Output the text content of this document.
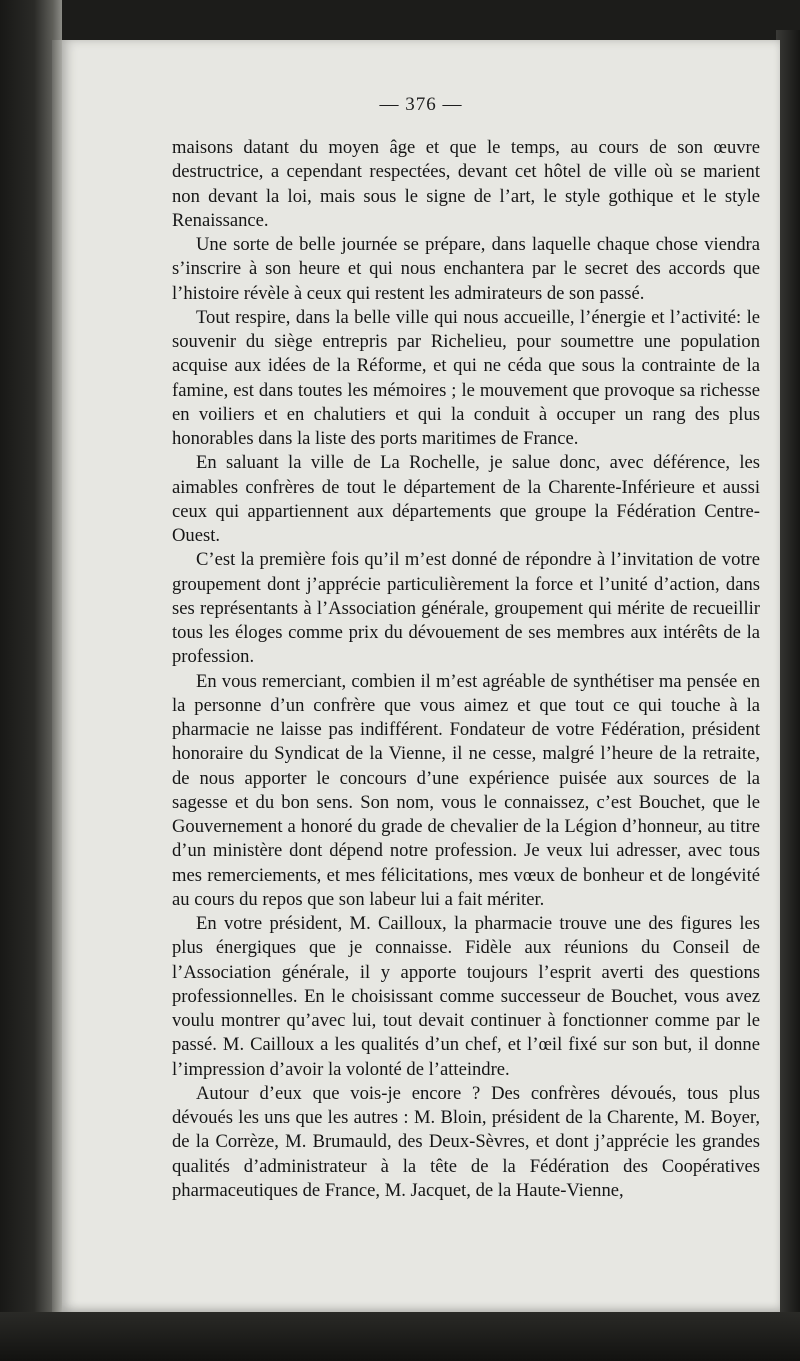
— 376 —

maisons datant du moyen âge et que le temps, au cours de son œuvre destructrice, a cependant respectées, devant cet hôtel de ville où se marient non devant la loi, mais sous le signe de l’art, le style gothique et le style Renaissance.

Une sorte de belle journée se prépare, dans laquelle chaque chose viendra s’inscrire à son heure et qui nous enchantera par le secret des accords que l’histoire révèle à ceux qui restent les admirateurs de son passé.

Tout respire, dans la belle ville qui nous accueille, l’énergie et l’activité: le souvenir du siège entrepris par Richelieu, pour soumettre une population acquise aux idées de la Réforme, et qui ne céda que sous la contrainte de la famine, est dans toutes les mémoires ; le mouvement que provoque sa richesse en voiliers et en chalutiers et qui la conduit à occuper un rang des plus honorables dans la liste des ports maritimes de France.

En saluant la ville de La Rochelle, je salue donc, avec déférence, les aimables confrères de tout le département de la Charente-Inférieure et aussi ceux qui appartiennent aux départements que groupe la Fédération Centre-Ouest.

C’est la première fois qu’il m’est donné de répondre à l’invitation de votre groupement dont j’apprécie particulièrement la force et l’unité d’action, dans ses représentants à l’Association générale, groupement qui mérite de recueillir tous les éloges comme prix du dévouement de ses membres aux intérêts de la profession.

En vous remerciant, combien il m’est agréable de synthétiser ma pensée en la personne d’un confrère que vous aimez et que tout ce qui touche à la pharmacie ne laisse pas indifférent. Fondateur de votre Fédération, président honoraire du Syndicat de la Vienne, il ne cesse, malgré l’heure de la retraite, de nous apporter le concours d’une expérience puisée aux sources de la sagesse et du bon sens. Son nom, vous le connaissez, c’est Bouchet, que le Gouvernement a honoré du grade de chevalier de la Légion d’honneur, au titre d’un ministère dont dépend notre profession. Je veux lui adresser, avec tous mes remerciements, et mes félicitations, mes vœux de bonheur et de longévité au cours du repos que son labeur lui a fait mériter.

En votre président, M. Cailloux, la pharmacie trouve une des figures les plus énergiques que je connaisse. Fidèle aux réunions du Conseil de l’Association générale, il y apporte toujours l’esprit averti des questions professionnelles. En le choisissant comme successeur de Bouchet, vous avez voulu montrer qu’avec lui, tout devait continuer à fonctionner comme par le passé. M. Cailloux a les qualités d’un chef, et l’œil fixé sur son but, il donne l’impression d’avoir la volonté de l’atteindre.

Autour d’eux que vois-je encore ? Des confrères dévoués, tous plus dévoués les uns que les autres : M. Bloin, président de la Charente, M. Boyer, de la Corrèze, M. Brumauld, des Deux-Sèvres, et dont j’apprécie les grandes qualités d’administrateur à la tête de la Fédération des Coopératives pharmaceutiques de France, M. Jacquet, de la Haute-Vienne,
